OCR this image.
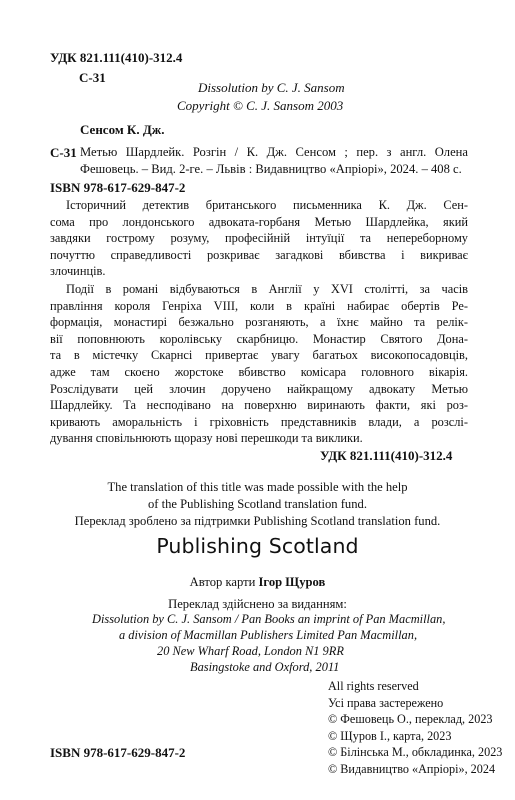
УДК 821.111(410)-312.4
С-31
Dissolution by C. J. Sansom
Copyright © C. J. Sansom 2003
Сенсом К. Дж.
С-31 Метью Шардлейк. Розгін / К. Дж. Сенсом ; пер. з англ. Олена
Фешовець. – Вид. 2-ге. – Львів : Видавництво «Апріорі», 2024. – 408 с.
ISBN 978-617-629-847-2
Історичний детектив британського письменника К. Дж. Сен-
сома про лондонського адвоката-горбаня Метью Шардлейка, який
завдяки гострому розуму, професійній інтуїції та непереборному
почуттю справедливості розкриває загадкові вбивства і викриває
злочинців.
Події в романі відбуваються в Англії у XVI столітті, за часів
правління короля Генріха VIII, коли в країні набирає обертів Ре-
формація, монастирі безжально розганяють, а їхнє майно та релік-
вії поповнюють королівську скарбницю. Монастир Святого Дона-
та в містечку Скарнсі привертає увагу багатьох високопосадовців,
адже там скоєно жорстоке вбивство комісара головного вікарія.
Розслідувати цей злочин доручено найкращому адвокату Метью
Шардлейку. Та несподівано на поверхню виринають факти, які роз-
кривають аморальність і гріховність представників влади, а розслі-
дування сповільнюють щоразу нові перешкоди та виклики.
УДК 821.111(410)-312.4
The translation of this title was made possible with the help
of the Publishing Scotland translation fund.
Переклад зроблено за підтримки Publishing Scotland translation fund.
Publishing Scotland
Автор карти Ігор Щуров
Переклад здійснено за виданням:
Dissolution by C. J. Sansom / Pan Books an imprint of Pan Macmillan,
a division of Macmillan Publishers Limited Pan Macmillan,
20 New Wharf Road, London N1 9RR
Basingstoke and Oxford, 2011
All rights reserved
Усі права застережено
© Фешовець О., переклад, 2023
© Щуров І., карта, 2023
© Білінська М., обкладинка, 2023
© Видавництво «Апріорі», 2024
ISBN 978-617-629-847-2
